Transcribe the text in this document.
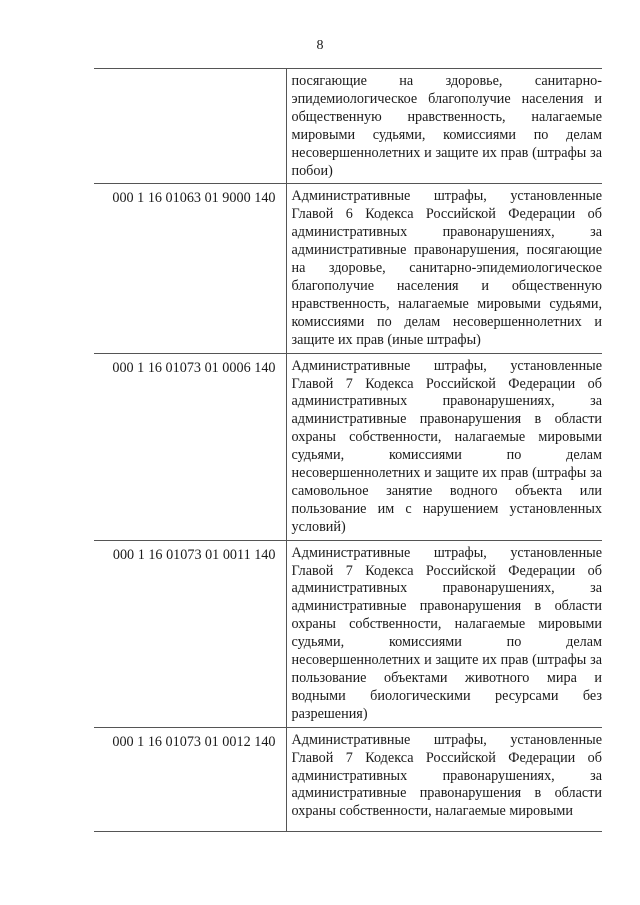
8
	посягающие на здоровье, санитарно-эпидемиологическое благополучие населения и общественную нравственность, налагаемые мировыми судьями, комиссиями по делам несовершеннолетних и защите их прав (штрафы за побои)
000 1 16 01063 01 9000 140	Административные штрафы, установленные Главой 6 Кодекса Российской Федерации об административных правонарушениях, за административные правонарушения, посягающие на здоровье, санитарно-эпидемиологическое благополучие населения и общественную нравственность, налагаемые мировыми судьями, комиссиями по делам несовершеннолетних и защите их прав (иные штрафы)
000 1 16 01073 01 0006 140	Административные штрафы, установленные Главой 7 Кодекса Российской Федерации об административных правонарушениях, за административные правонарушения в области охраны собственности, налагаемые мировыми судьями, комиссиями по делам несовершеннолетних и защите их прав (штрафы за самовольное занятие водного объекта или пользование им с нарушением установленных условий)
000 1 16 01073 01 0011 140	Административные штрафы, установленные Главой 7 Кодекса Российской Федерации об административных правонарушениях, за административные правонарушения в области охраны собственности, налагаемые мировыми судьями, комиссиями по делам несовершеннолетних и защите их прав (штрафы за пользование объектами животного мира и водными биологическими ресурсами без разрешения)
000 1 16 01073 01 0012 140	Административные штрафы, установленные Главой 7 Кодекса Российской Федерации об административных правонарушениях, за административные правонарушения в области охраны собственности, налагаемые мировыми
